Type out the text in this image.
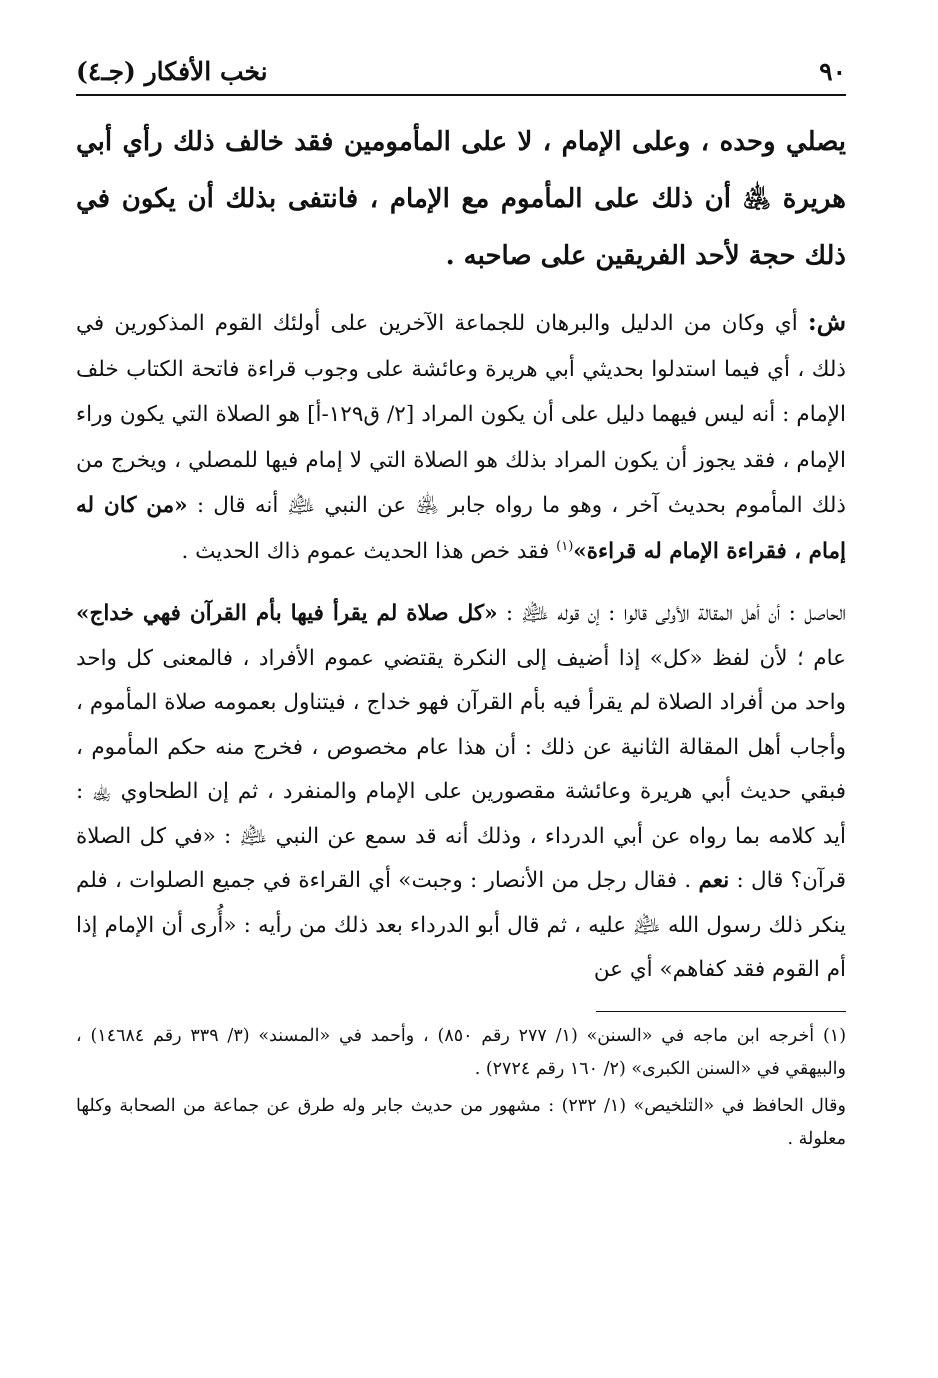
٩٠
نخب الأفكار (جـ٤)
يصلي وحده ، وعلى الإمام ، لا على المأمومين فقد خالف ذلك رأي أبي هريرة ﵁ أن ذلك على المأموم مع الإمام ، فانتفى بذلك أن يكون في ذلك حجة لأحد الفريقين على صاحبه .
ش: أي وكان من الدليل والبرهان للجماعة الآخرين على أولئك القوم المذكورين في ذلك ، أي فيما استدلوا بحديثي أبي هريرة وعائشة على وجوب قراءة فاتحة الكتاب خلف الإمام : أنه ليس فيهما دليل على أن يكون المراد [٢/ ق١٢٩-أ] هو الصلاة التي يكون وراء الإمام ، فقد يجوز أن يكون المراد بذلك هو الصلاة التي لا إمام فيها للمصلي ، ويخرج من ذلك المأموم بحديث آخر ، وهو ما رواه جابر ﵁ عن النبي ﵇ أنه قال : «من كان له إمام ، فقراءة الإمام له قراءة»$^{(١)}$ فقد خص هذا الحديث عموم ذاك الحديث .
الحاصل : أن أهل المقالة الأولى قالوا : إن قوله ﵇ : «كل صلاة لم يقرأ فيها بأم القرآن فهي خداج» عام ؛ لأن لفظ «كل» إذا أضيف إلى النكرة يقتضي عموم الأفراد ، فالمعنى كل واحد واحد من أفراد الصلاة لم يقرأ فيه بأم القرآن فهو خداج ، فيتناول بعمومه صلاة المأموم ، وأجاب أهل المقالة الثانية عن ذلك : أن هذا عام مخصوص ، فخرج منه حكم المأموم ، فبقي حديث أبي هريرة وعائشة مقصورين على الإمام والمنفرد ، ثم إن الطحاوي ﵀ : أيد كلامه بما رواه عن أبي الدرداء ، وذلك أنه قد سمع عن النبي ﵇ : «في كل الصلاة قرآن؟ قال : نعم . فقال رجل من الأنصار : وجبت» أي القراءة في جميع الصلوات ، فلم ينكر ذلك رسول الله ﵇ عليه ، ثم قال أبو الدرداء بعد ذلك من رأيه : «أُرى أن الإمام إذا أم القوم فقد كفاهم» أي عن

(١) أخرجه ابن ماجه في «السنن» (١/ ٢٧٧ رقم ٨٥٠) ، وأحمد في «المسند» (٣/ ٣٣٩ رقم ١٤٦٨٤) ، والبيهقي في «السنن الكبرى» (٢/ ١٦٠ رقم ٢٧٢٤) .

وقال الحافظ في «التلخيص» (١/ ٢٣٢) : مشهور من حديث جابر وله طرق عن جماعة من الصحابة وكلها معلولة .
